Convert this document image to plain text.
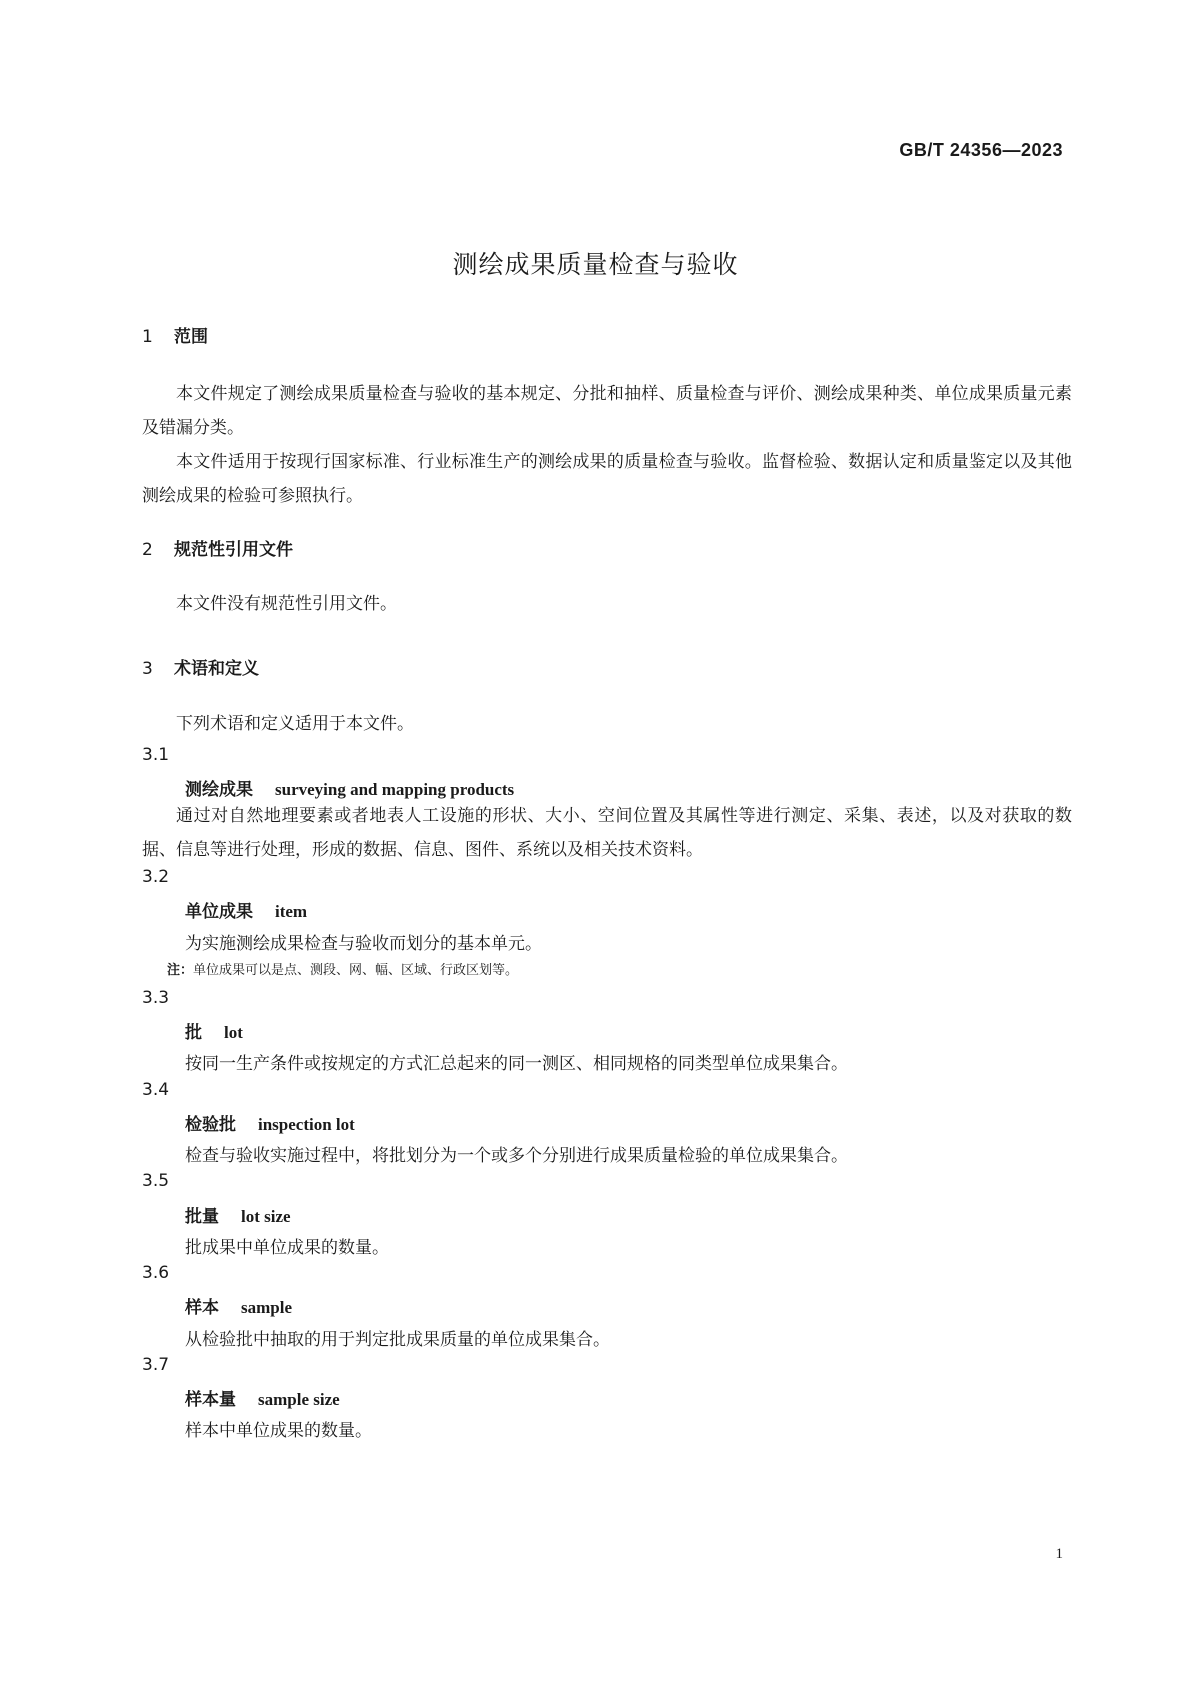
GB/T 24356—2023
测绘成果质量检查与验收
1 范围
本文件规定了测绘成果质量检查与验收的基本规定、分批和抽样、质量检查与评价、测绘成果种类、单位成果质量元素及错漏分类。
本文件适用于按现行国家标准、行业标准生产的测绘成果的质量检查与验收。监督检验、数据认定和质量鉴定以及其他测绘成果的检验可参照执行。
2 规范性引用文件
本文件没有规范性引用文件。
3 术语和定义
下列术语和定义适用于本文件。
3.1
测绘成果 surveying and mapping products
通过对自然地理要素或者地表人工设施的形状、大小、空间位置及其属性等进行测定、采集、表述，以及对获取的数据、信息等进行处理，形成的数据、信息、图件、系统以及相关技术资料。
3.2
单位成果 item
为实施测绘成果检查与验收而划分的基本单元。
注：单位成果可以是点、测段、网、幅、区域、行政区划等。
3.3
批 lot
按同一生产条件或按规定的方式汇总起来的同一测区、相同规格的同类型单位成果集合。
3.4
检验批 inspection lot
检查与验收实施过程中，将批划分为一个或多个分别进行成果质量检验的单位成果集合。
3.5
批量 lot size
批成果中单位成果的数量。
3.6
样本 sample
从检验批中抽取的用于判定批成果质量的单位成果集合。
3.7
样本量 sample size
样本中单位成果的数量。
1
